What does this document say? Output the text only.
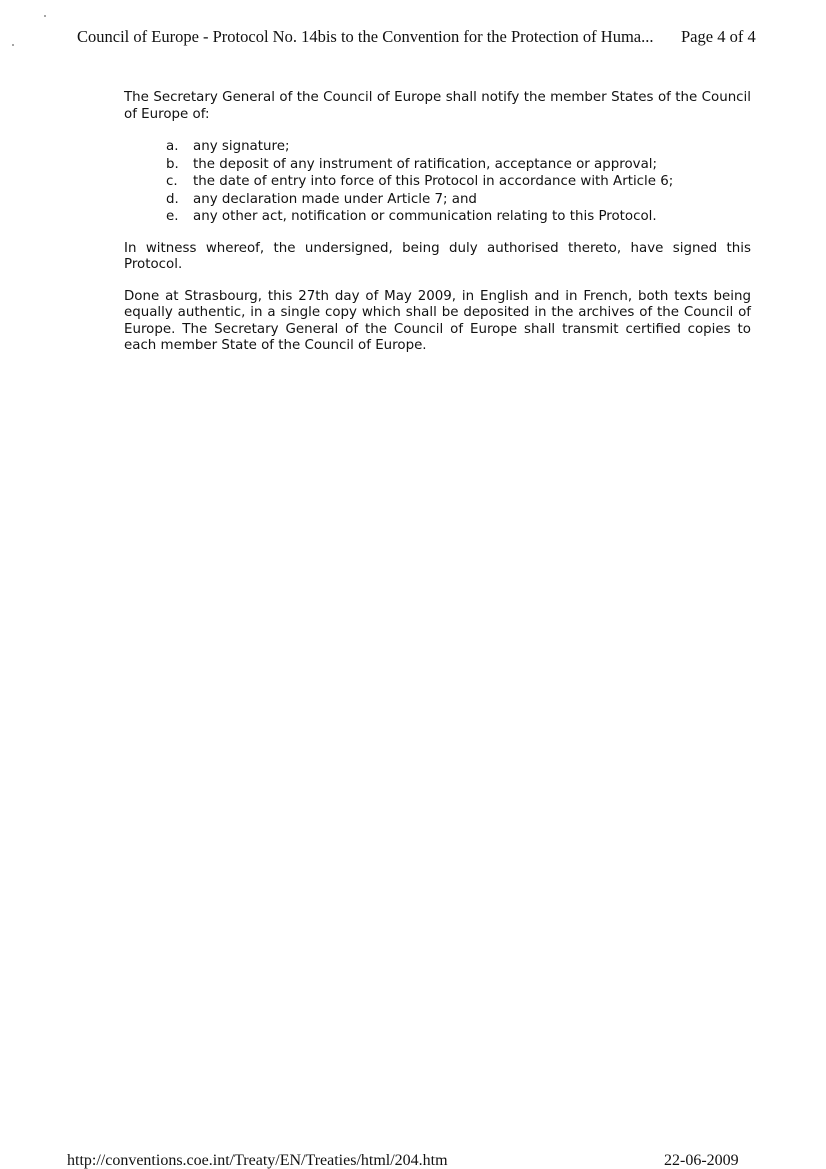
Council of Europe - Protocol No. 14bis to the Convention for the Protection of Huma... Page 4 of 4

The Secretary General of the Council of Europe shall notify the member States of the Council of Europe of:

a.	any signature;
b.	the deposit of any instrument of ratification, acceptance or approval;
c.	the date of entry into force of this Protocol in accordance with Article 6;
d.	any declaration made under Article 7; and
e.	any other act, notification or communication relating to this Protocol.

In witness whereof, the undersigned, being duly authorised thereto, have signed this Protocol.

Done at Strasbourg, this 27th day of May 2009, in English and in French, both texts being equally authentic, in a single copy which shall be deposited in the archives of the Council of Europe. The Secretary General of the Council of Europe shall transmit certified copies to each member State of the Council of Europe.

http://conventions.coe.int/Treaty/EN/Treaties/html/204.htm	22-06-2009
